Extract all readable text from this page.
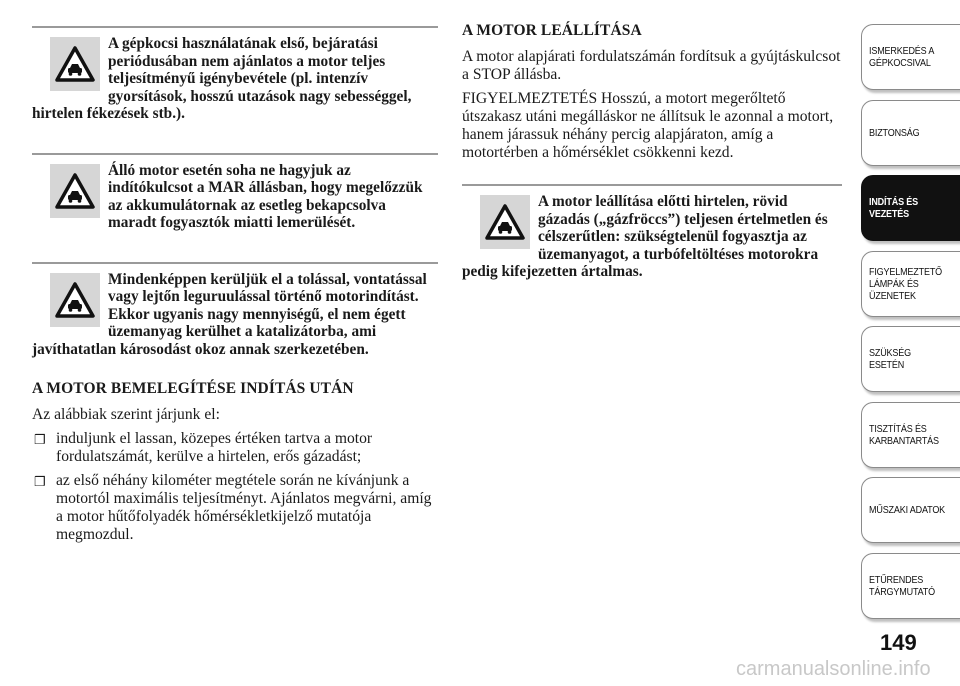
A gépkocsi használatának első, bejáratási periódusában nem ajánlatos a motor teljes teljesítményű igénybevétele (pl. intenzív gyorsítások, hosszú utazások nagy sebességgel, hirtelen fékezések stb.).

Álló motor esetén soha ne hagyjuk az indítókulcsot a MAR állásban, hogy megelőzzük az akkumulátornak az esetleg bekapcsolva maradt fogyasztók miatti lemerülését.

Mindenképpen kerüljük el a tolással, vontatással vagy lejtőn leguruulással történő motorindítást. Ekkor ugyanis nagy mennyiségű, el nem égett üzemanyag kerülhet a katalizátorba, ami javíthatatlan károsodást okoz annak szerkezetében.

A MOTOR BEMELEGÍTÉSE INDÍTÁS UTÁN

Az alábbiak szerint járjunk el:

❒ induljunk el lassan, közepes értéken tartva a motor fordulatszámát, kerülve a hirtelen, erős gázadást;
❒ az első néhány kilométer megtétele során ne kívánjunk a motortól maximális teljesítményt. Ajánlatos megvárni, amíg a motor hűtőfolyadék hőmérsékletkijelző mutatója megmozdul.
A MOTOR LEÁLLÍTÁSA

A motor alapjárati fordulatszámán fordítsuk a gyújtáskulcsot a STOP állásba.

FIGYELMEZTETÉS Hosszú, a motort megerőltető útszakasz utáni megálláskor ne állítsuk le azonnal a motort, hanem járassuk néhány percig alapjáraton, amíg a motortérben a hőmérséklet csökkenni kezd.

A motor leállítása előtti hirtelen, rövid gázadás („gázfröccs”) teljesen értelmetlen és célszerűtlen: szükségtelenül fogyasztja az üzemanyagot, a turbófeltöltéses motorokra pedig kifejezetten ártalmas.

ISMERKEDÉS A
GÉPKOCSIVAL
BIZTONSÁG
INDÍTÁS ÉS
VEZETÉS
FIGYELMEZTETŐ
LÁMPÁK ÉS
ÜZENETEK
SZÜKSÉG ESETÉN
TISZTÍTÁS ÉS
KARBANTARTÁS
MŰSZAKI ADATOK
ETŰRENDES
TÁRGYMUTATÓ
149
carmanualsonline.info
